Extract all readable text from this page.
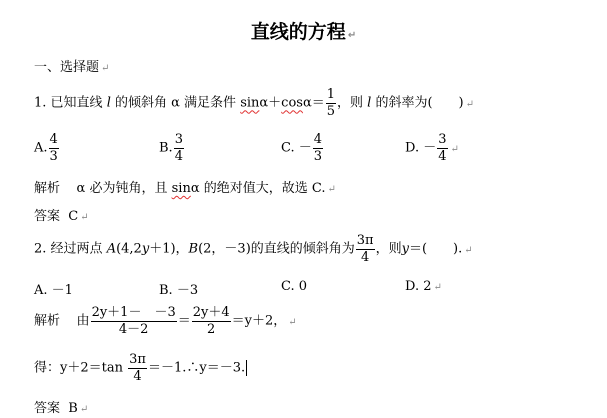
直线的方程 ↵
一、选择题 ↵
1. 已知直线 l 的倾斜角 α 满足条件 $\sin\alpha+\cos\alpha= \frac{1}{5}$ ，则 l 的斜率为(　　) ↵
A. $\frac{4}{3}$	B. $\frac{3}{4}$	C. － $\frac{4}{3}$	D. － $\frac{3}{4}$ ↵
解析 α 必为钝角，且 sinα 的绝对值大，故选 C. ↵
答案 C ↵
2. 经过两点 A(4,2y＋1)，B(2，－3)的直线的倾斜角为 $\frac{3\pi}{4}$ ，则y＝(　　). ↵
A. －1	B. －3	C. 0	D. 2 ↵
解析 由 $\frac{2y+1- -3}{4-2} = \frac{2y+4}{2} =y+2$， ↵
得：$y+2=\tan \frac{3\pi}{4}$ ＝－1.∴y＝－3.
答案 B ↵
